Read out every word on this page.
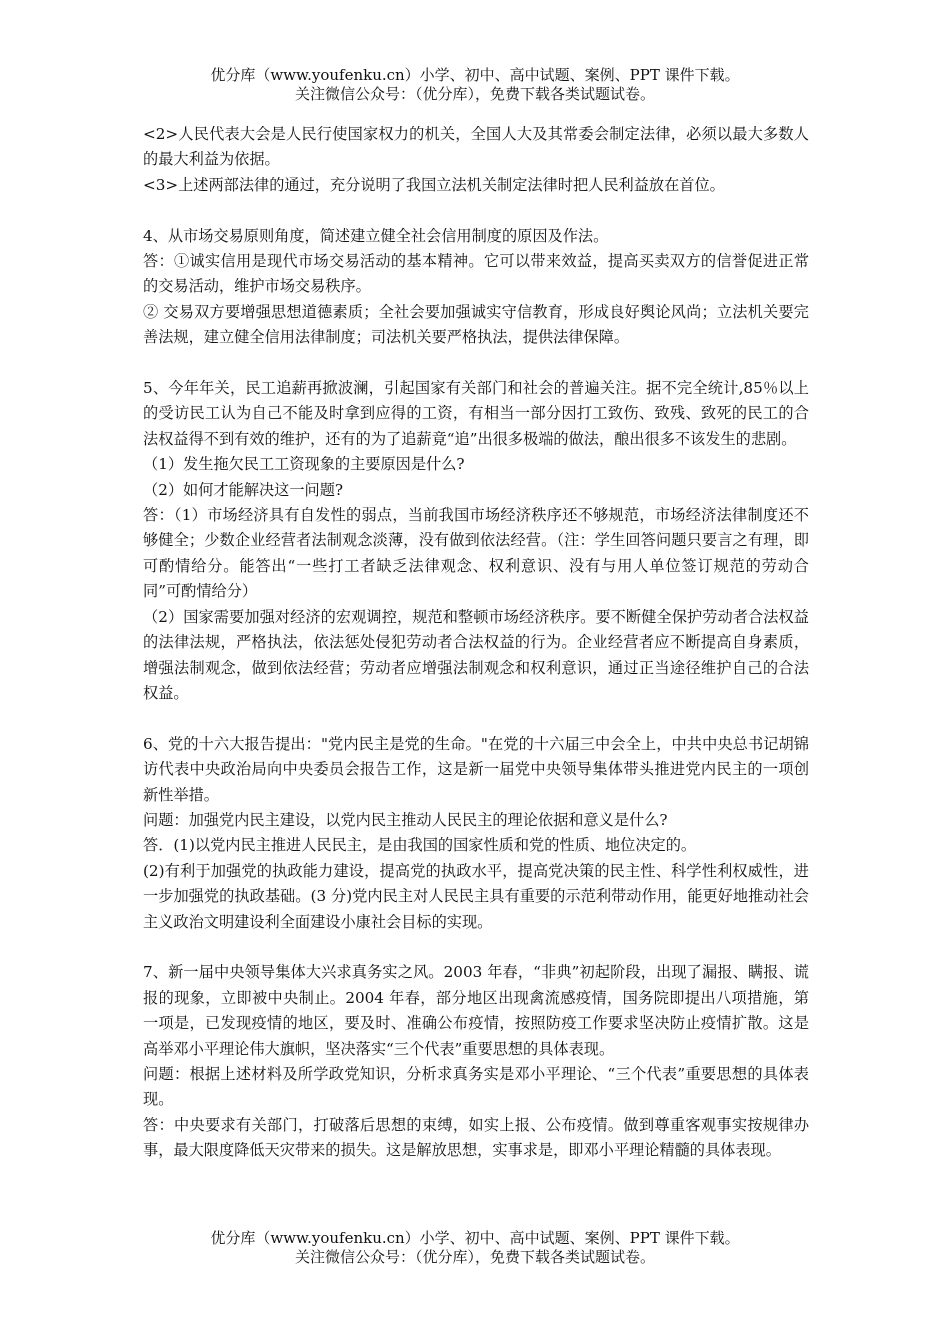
优分库（www.youfenku.cn）小学、初中、高中试题、案例、PPT 课件下载。
关注微信公众号：（优分库），免费下载各类试题试卷。

<2>人民代表大会是人民行使国家权力的机关，全国人大及其常委会制定法律，必须以最大多数人的最大利益为依据。

<3>上述两部法律的通过，充分说明了我国立法机关制定法律时把人民利益放在首位。

4、从市场交易原则角度，简述建立健全社会信用制度的原因及作法。

答：①诚实信用是现代市场交易活动的基本精神。它可以带来效益，提高买卖双方的信誉促进正常的交易活动，维护市场交易秩序。

② 交易双方要增强思想道德素质；全社会要加强诚实守信教育，形成良好舆论风尚；立法机关要完善法规，建立健全信用法律制度；司法机关要严格执法，提供法律保障。

5、今年年关，民工追薪再掀波澜，引起国家有关部门和社会的普遍关注。据不完全统计,85％以上的受访民工认为自己不能及时拿到应得的工资，有相当一部分因打工致伤、致残、致死的民工的合法权益得不到有效的维护，还有的为了追薪竟“追”出很多极端的做法，酿出很多不该发生的悲剧。

（1）发生拖欠民工工资现象的主要原因是什么?

（2）如何才能解决这一问题?

答：（1）市场经济具有自发性的弱点，当前我国市场经济秩序还不够规范，市场经济法律制度还不够健全；少数企业经营者法制观念淡薄，没有做到依法经营。（注：学生回答问题只要言之有理，即可酌情给分。能答出“一些打工者缺乏法律观念、权利意识、没有与用人单位签订规范的劳动合同”可酌情给分）

（2）国家需要加强对经济的宏观调控，规范和整顿市场经济秩序。要不断健全保护劳动者合法权益的法律法规，严格执法，依法惩处侵犯劳动者合法权益的行为。企业经营者应不断提高自身素质，增强法制观念，做到依法经营；劳动者应增强法制观念和权利意识，通过正当途径维护自己的合法权益。

6、党的十六大报告提出："党内民主是党的生命。"在党的十六届三中会全上，中共中央总书记胡锦访代表中央政治局向中央委员会报告工作，这是新一届党中央领导集体带头推进党内民主的一项创新性举措。

问题：加强党内民主建设，以党内民主推动人民民主的理论依据和意义是什么?

答．(1)以党内民主推进人民民主，是由我国的国家性质和党的性质、地位决定的。

(2)有利于加强党的执政能力建设，提高党的执政水平，提高党决策的民主性、科学性利权威性，进一步加强党的执政基础。(3 分)党内民主对人民民主具有重要的示范利带动作用，能更好地推动社会主义政治文明建设利全面建设小康社会目标的实现。

7、新一届中央领导集体大兴求真务实之风。2003 年春，“非典”初起阶段，出现了漏报、瞒报、谎报的现象，立即被中央制止。2004 年春，部分地区出现禽流感疫情，国务院即提出八项措施，第一项是，已发现疫情的地区，要及时、准确公布疫情，按照防疫工作要求坚决防止疫情扩散。这是高举邓小平理论伟大旗帜，坚决落实“三个代表”重要思想的具体表现。

问题：根据上述材料及所学政党知识，分析求真务实是邓小平理论、“三个代表”重要思想的具体表现。

答：中央要求有关部门，打破落后思想的束缚，如实上报、公布疫情。做到尊重客观事实按规律办事，最大限度降低天灾带来的损失。这是解放思想，实事求是，即邓小平理论精髓的具体表现。

优分库（www.youfenku.cn）小学、初中、高中试题、案例、PPT 课件下载。
关注微信公众号：（优分库），免费下载各类试题试卷。
